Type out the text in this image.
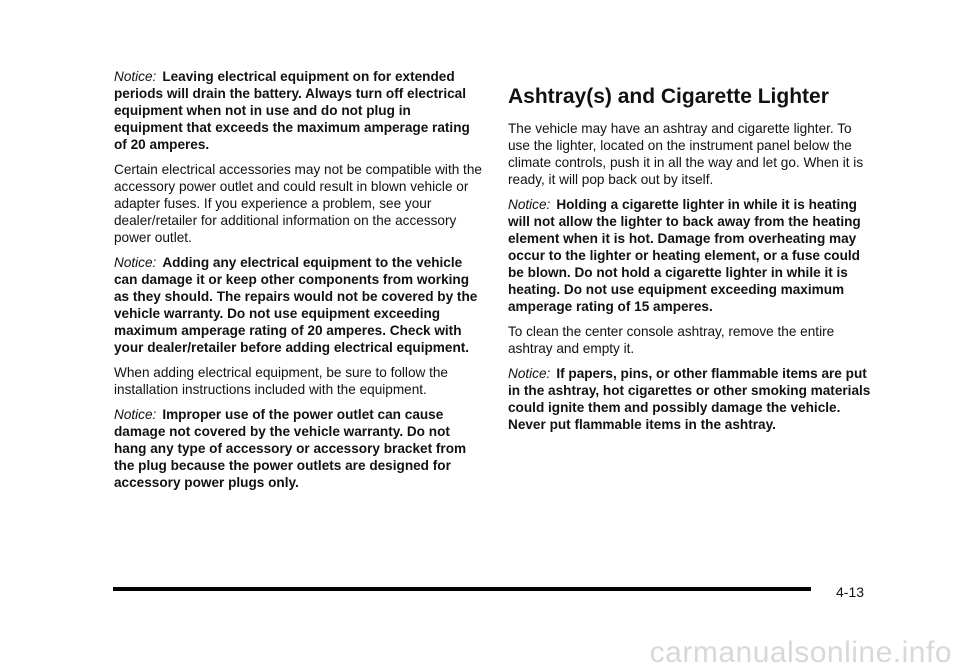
Notice: Leaving electrical equipment on for extended periods will drain the battery. Always turn off electrical equipment when not in use and do not plug in equipment that exceeds the maximum amperage rating of 20 amperes.

Certain electrical accessories may not be compatible with the accessory power outlet and could result in blown vehicle or adapter fuses. If you experience a problem, see your dealer/retailer for additional information on the accessory power outlet.

Notice: Adding any electrical equipment to the vehicle can damage it or keep other components from working as they should. The repairs would not be covered by the vehicle warranty. Do not use equipment exceeding maximum amperage rating of 20 amperes. Check with your dealer/retailer before adding electrical equipment.

When adding electrical equipment, be sure to follow the installation instructions included with the equipment.

Notice: Improper use of the power outlet can cause damage not covered by the vehicle warranty. Do not hang any type of accessory or accessory bracket from the plug because the power outlets are designed for accessory power plugs only.

Ashtray(s) and Cigarette Lighter

The vehicle may have an ashtray and cigarette lighter. To use the lighter, located on the instrument panel below the climate controls, push it in all the way and let go. When it is ready, it will pop back out by itself.

Notice: Holding a cigarette lighter in while it is heating will not allow the lighter to back away from the heating element when it is hot. Damage from overheating may occur to the lighter or heating element, or a fuse could be blown. Do not hold a cigarette lighter in while it is heating. Do not use equipment exceeding maximum amperage rating of 15 amperes.

To clean the center console ashtray, remove the entire ashtray and empty it.

Notice: If papers, pins, or other flammable items are put in the ashtray, hot cigarettes or other smoking materials could ignite them and possibly damage the vehicle. Never put flammable items in the ashtray.

4-13
carmanualsonline.info
